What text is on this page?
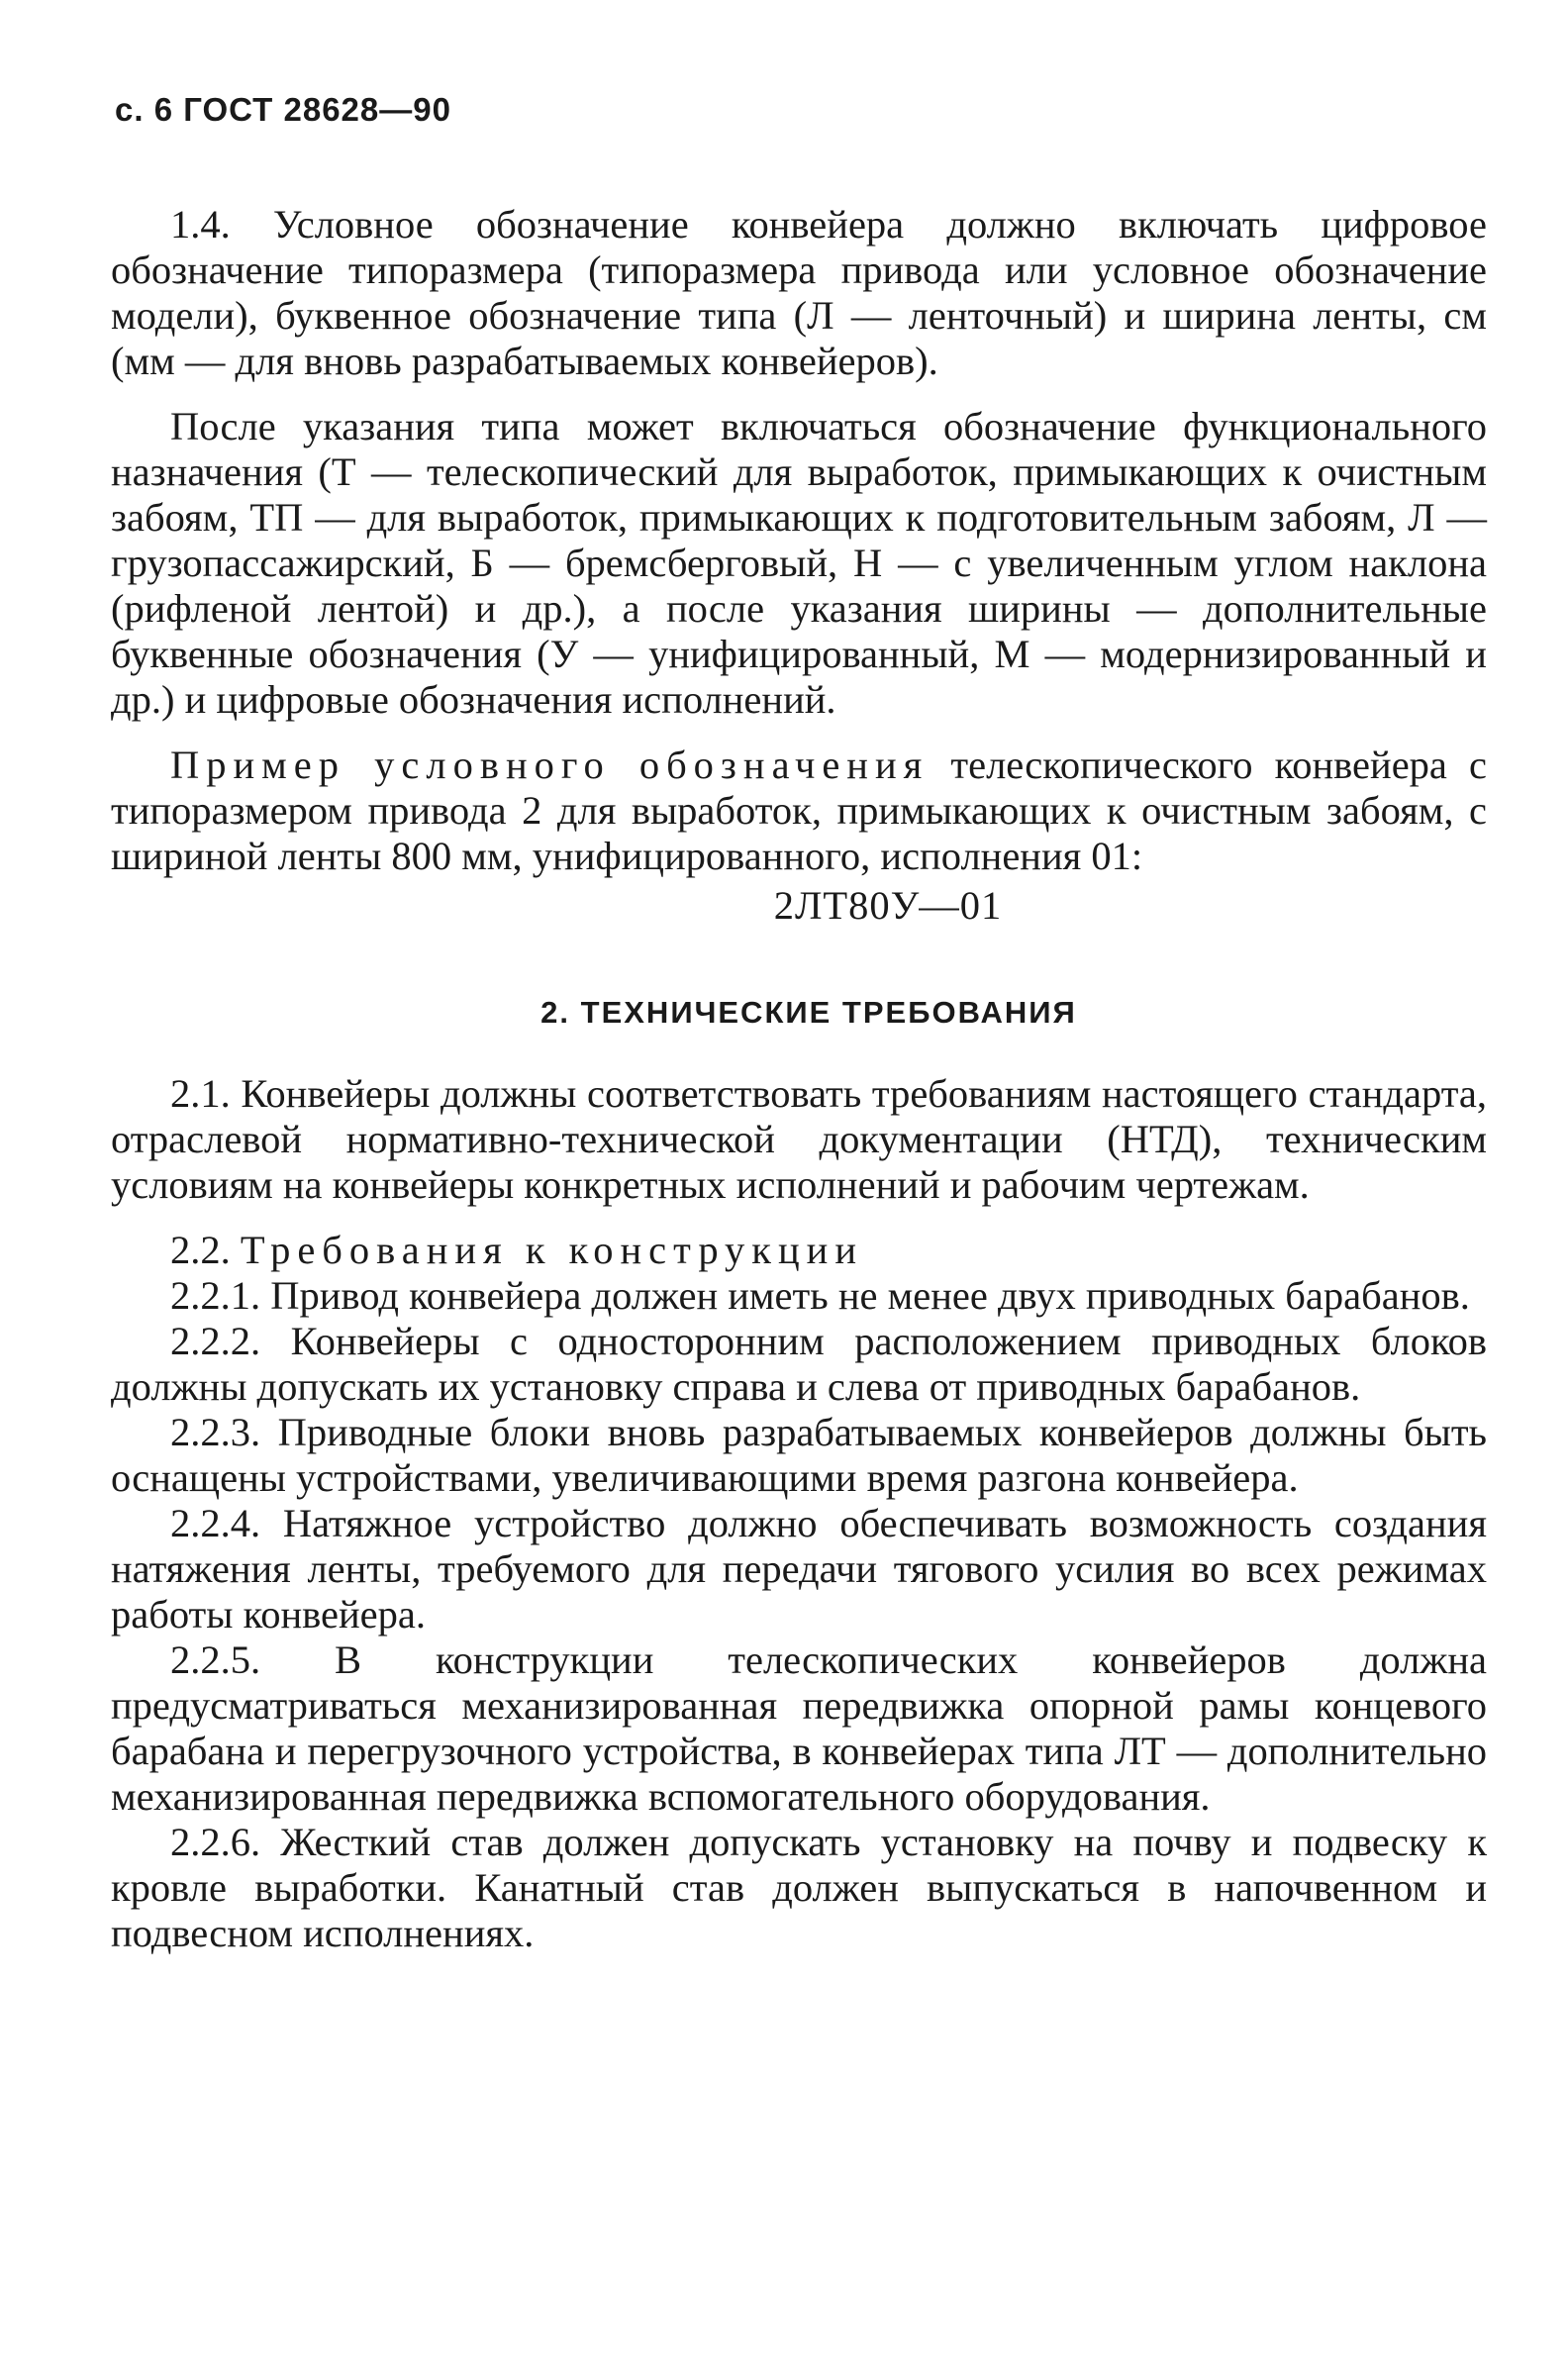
с. 6 ГОСТ 28628—90

1.4. Условное обозначение конвейера должно включать цифровое обозначение типоразмера (типоразмера привода или условное обозначение модели), буквенное обозначение типа (Л — ленточный) и ширина ленты, см (мм — для вновь разрабатываемых конвейеров).

После указания типа может включаться обозначение функционального назначения (Т — телескопический для выработок, примыкающих к очистным забоям, ТП — для выработок, примыкающих к подготовительным забоям, Л — грузопассажирский, Б — бремсберговый, Н — с увеличенным углом наклона (рифленой лентой) и др.), а после указания ширины — дополнительные буквенные обозначения (У — унифицированный, М — модернизированный и др.) и цифровые обозначения исполнений.

Пример условного обозначения телескопического конвейера с типоразмером привода 2 для выработок, примыкающих к очистным забоям, с шириной ленты 800 мм, унифицированного, исполнения 01:

2ЛТ80У—01
2. ТЕХНИЧЕСКИЕ ТРЕБОВАНИЯ

2.1. Конвейеры должны соответствовать требованиям настоящего стандарта, отраслевой нормативно-технической документации (НТД), техническим условиям на конвейеры конкретных исполнений и рабочим чертежам.

2.2. Требования к конструкции

2.2.1. Привод конвейера должен иметь не менее двух приводных барабанов.

2.2.2. Конвейеры с односторонним расположением приводных блоков должны допускать их установку справа и слева от приводных барабанов.

2.2.3. Приводные блоки вновь разрабатываемых конвейеров должны быть оснащены устройствами, увеличивающими время разгона конвейера.

2.2.4. Натяжное устройство должно обеспечивать возможность создания натяжения ленты, требуемого для передачи тягового усилия во всех режимах работы конвейера.

2.2.5. В конструкции телескопических конвейеров должна предусматриваться механизированная передвижка опорной рамы концевого барабана и перегрузочного устройства, в конвейерах типа ЛТ — дополнительно механизированная передвижка вспомогательного оборудования.

2.2.6. Жесткий став должен допускать установку на почву и подвеску к кровле выработки. Канатный став должен выпускаться в напочвенном и подвесном исполнениях.
